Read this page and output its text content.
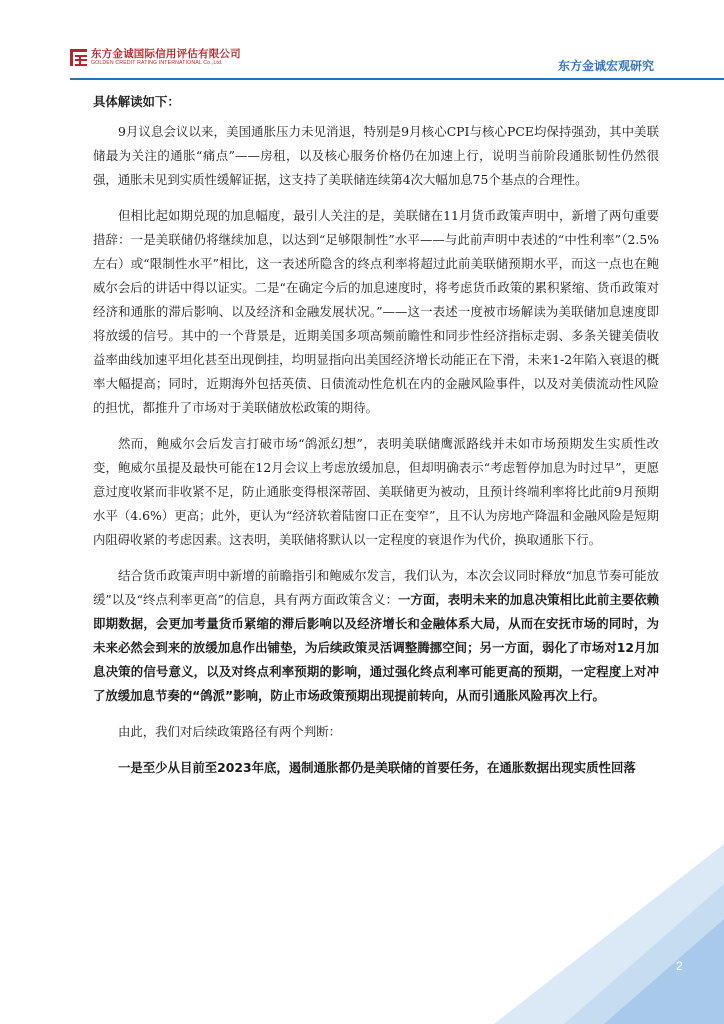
东方金诚国际信用评估有限公司
GOLDEN CREDIT RATING INTERNATIONAL Co.,Ltd.	东方金诚宏观研究
具体解读如下：

9月议息会议以来，美国通胀压力未见消退，特别是9月核心CPI与核心PCE均保持强劲，其中美联储最为关注的通胀“痛点”——房租，以及核心服务价格仍在加速上行，说明当前阶段通胀韧性仍然很强，通胀未见到实质性缓解证据，这支持了美联储连续第4次大幅加息75个基点的合理性。

但相比起如期兑现的加息幅度，最引人关注的是，美联储在11月货币政策声明中，新增了两句重要措辞：一是美联储仍将继续加息，以达到“足够限制性”水平——与此前声明中表述的“中性利率”（2.5%左右）或“限制性水平”相比，这一表述所隐含的终点利率将超过此前美联储预期水平，而这一点也在鲍威尔会后的讲话中得以证实。二是“在确定今后的加息速度时，将考虑货币政策的累积紧缩、货币政策对经济和通胀的滞后影响、以及经济和金融发展状况。”——这一表述一度被市场解读为美联储加息速度即将放缓的信号。其中的一个背景是，近期美国多项高频前瞻性和同步性经济指标走弱、多条关键美债收益率曲线加速平坦化甚至出现倒挂，均明显指向出美国经济增长动能正在下滑，未来1-2年陷入衰退的概率大幅提高；同时，近期海外包括英债、日债流动性危机在内的金融风险事件，以及对美债流动性风险的担忧，都推升了市场对于美联储放松政策的期待。

然而，鲍威尔会后发言打破市场“鸽派幻想”，表明美联储鹰派路线并未如市场预期发生实质性改变，鲍威尔虽提及最快可能在12月会议上考虑放缓加息，但却明确表示“考虑暂停加息为时过早”，更愿意过度收紧而非收紧不足，防止通胀变得根深蒂固、美联储更为被动，且预计终端利率将比此前9月预期水平（4.6%）更高；此外，更认为“经济软着陆窗口正在变窄”，且不认为房地产降温和金融风险是短期内阻碍收紧的考虑因素。这表明，美联储将默认以一定程度的衰退作为代价，换取通胀下行。

结合货币政策声明中新增的前瞻指引和鲍威尔发言，我们认为，本次会议同时释放“加息节奏可能放缓”以及“终点利率更高”的信息，具有两方面政策含义：一方面，表明未来的加息决策相比此前主要依赖即期数据，会更加考量货币紧缩的滞后影响以及经济增长和金融体系大局，从而在安抚市场的同时，为未来必然会到来的放缓加息作出铺垫，为后续政策灵活调整腾挪空间；另一方面，弱化了市场对12月加息决策的信号意义，以及对终点利率预期的影响，通过强化终点利率可能更高的预期，一定程度上对冲了放缓加息节奏的“鸽派”影响，防止市场政策预期出现提前转向，从而引通胀风险再次上行。

由此，我们对后续政策路径有两个判断：

一是至少从目前至2023年底，遏制通胀都仍是美联储的首要任务，在通胀数据出现实质性回落

2
